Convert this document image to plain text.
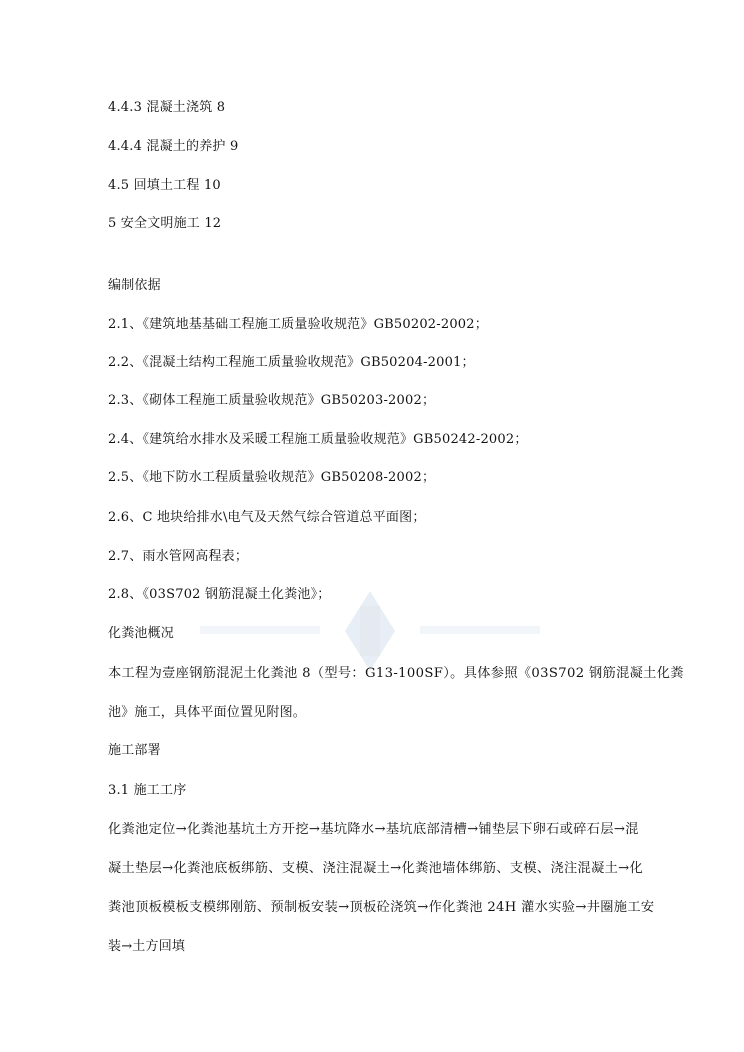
4.4.3 混凝土浇筑 8
4.4.4 混凝土的养护 9
4.5 回填土工程 10
5 安全文明施工 12
编制依据
2.1、《建筑地基基础工程施工质量验收规范》GB50202-2002；
2.2、《混凝土结构工程施工质量验收规范》GB50204-2001；
2.3、《砌体工程施工质量验收规范》GB50203-2002；
2.4、《建筑给水排水及采暖工程施工质量验收规范》GB50242-2002；
2.5、《地下防水工程质量验收规范》GB50208-2002；
2.6、C 地块给排水\电气及天然气综合管道总平面图；
2.7、雨水管网高程表；
2.8、《03S702 钢筋混凝土化粪池》；
化粪池概况
本工程为壹座钢筋混泥土化粪池 8（型号：G13-100SF）。具体参照《03S702 钢筋混凝土化粪
池》施工，具体平面位置见附图。
施工部署
3.1 施工工序
化粪池定位→化粪池基坑土方开挖→基坑降水→基坑底部清槽→铺垫层下卵石或碎石层→混
凝土垫层→化粪池底板绑筋、支模、浇注混凝土→化粪池墙体绑筋、支模、浇注混凝土→化
粪池顶板模板支模绑刚筋、预制板安装→顶板砼浇筑→作化粪池 24H 灌水实验→井圈施工安
装→土方回填
